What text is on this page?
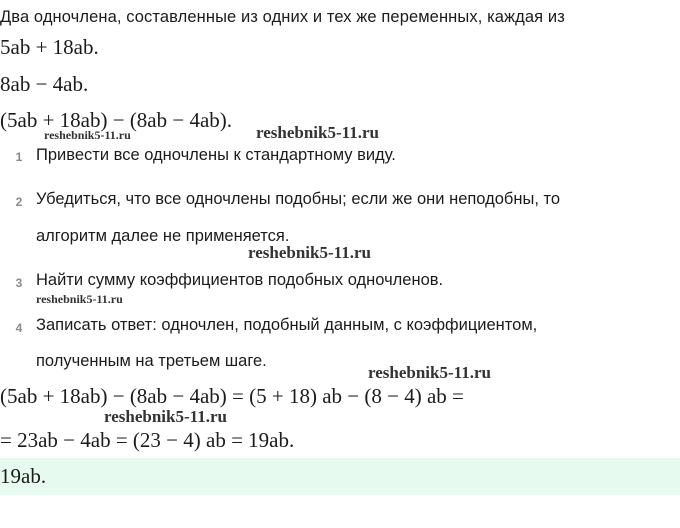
Два одночлена, составленные из одних и тех же переменных, каждая из
5ab + 18ab.
8ab − 4ab.
(5ab + 18ab) − (8ab − 4ab).
reshebnik5-11.ru	reshebnik5-11.ru
1 Привести все одночлены к стандартному виду.
2 Убедиться, что все одночлены подобны; если же они неподобны, то
алгоритм далее не применяется.
reshebnik5-11.ru
3 Найти сумму коэффициентов подобных одночленов.
reshebnik5-11.ru
4 Записать ответ: одночлен, подобный данным, с коэффициентом,
полученным на третьем шаге.
reshebnik5-11.ru
(5ab + 18ab) − (8ab − 4ab) = (5 + 18) ab − (8 − 4) ab =
reshebnik5-11.ru
= 23ab − 4ab = (23 − 4) ab = 19ab.
19ab.
